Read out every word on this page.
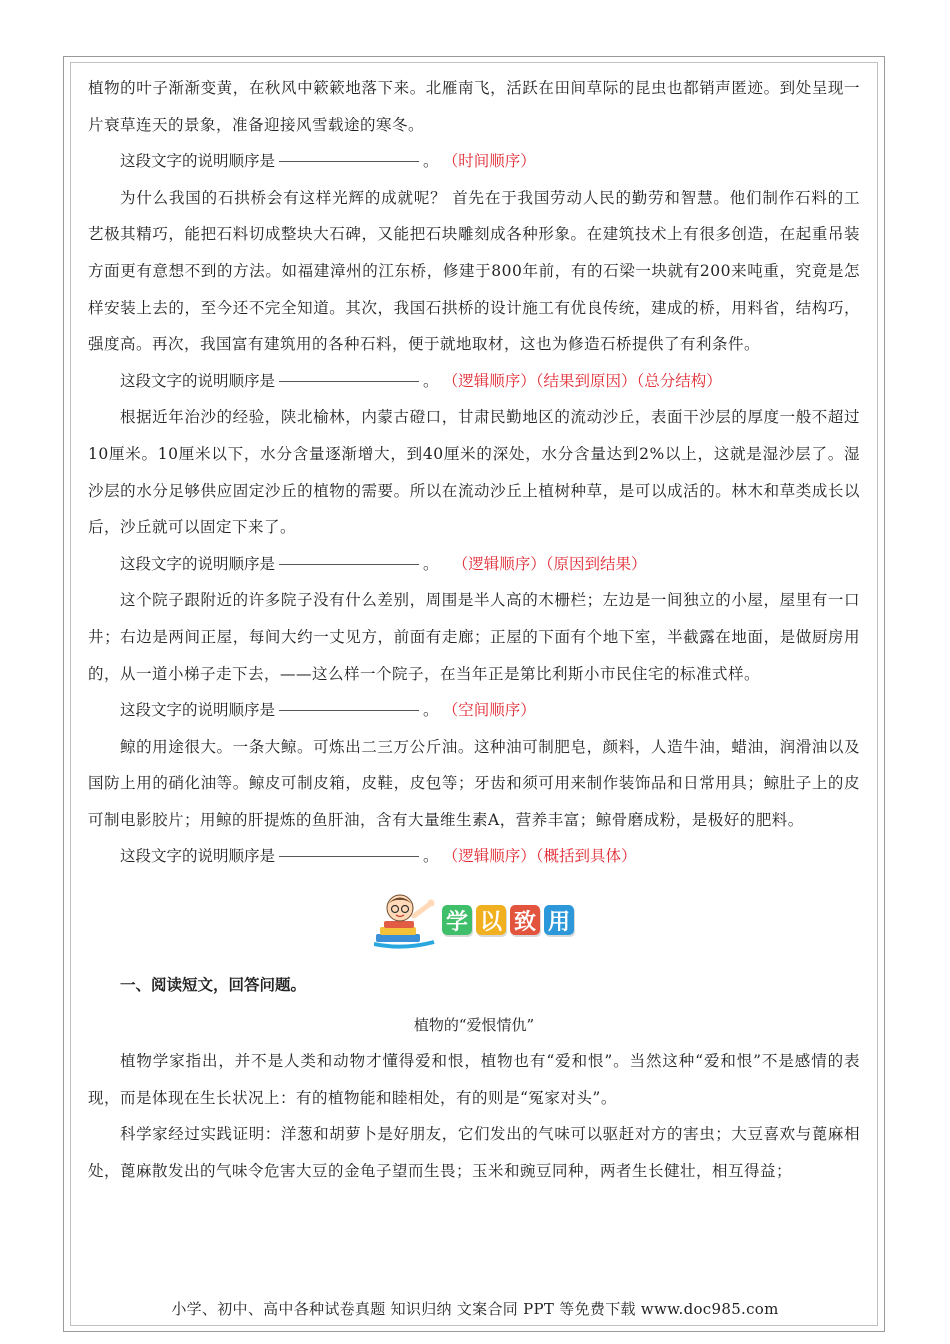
植物的叶子渐渐变黄，在秋风中簌簌地落下来。北雁南飞，活跃在田间草际的昆虫也都销声匿迹。到处呈现一片衰草连天的景象，准备迎接风雪载途的寒冬。

这段文字的说明顺序是	。 （时间顺序）

为什么我国的石拱桥会有这样光辉的成就呢？ 首先在于我国劳动人民的勤劳和智慧。他们制作石料的工艺极其精巧，能把石料切成整块大石碑，又能把石块雕刻成各种形象。在建筑技术上有很多创造，在起重吊装方面更有意想不到的方法。如福建漳州的江东桥，修建于800年前，有的石梁一块就有200来吨重，究竟是怎样安装上去的，至今还不完全知道。其次，我国石拱桥的设计施工有优良传统，建成的桥，用料省，结构巧，强度高。再次，我国富有建筑用的各种石料，便于就地取材，这也为修造石桥提供了有利条件。

这段文字的说明顺序是	。 （逻辑顺序）（结果到原因）（总分结构）

根据近年治沙的经验，陕北榆林，内蒙古磴口，甘肃民勤地区的流动沙丘，表面干沙层的厚度一般不超过10厘米。10厘米以下，水分含量逐渐增大，到40厘米的深处，水分含量达到2%以上，这就是湿沙层了。湿沙层的水分足够供应固定沙丘的植物的需要。所以在流动沙丘上植树种草，是可以成活的。林木和草类成长以后，沙丘就可以固定下来了。

这段文字的说明顺序是	。 （逻辑顺序）（原因到结果）

这个院子跟附近的许多院子没有什么差别，周围是半人高的木栅栏；左边是一间独立的小屋，屋里有一口井；右边是两间正屋，每间大约一丈见方，前面有走廊；正屋的下面有个地下室，半截露在地面，是做厨房用的，从一道小梯子走下去，——这么样一个院子，在当年正是第比利斯小市民住宅的标准式样。

这段文字的说明顺序是	。 （空间顺序）

鲸的用途很大。一条大鲸。可炼出二三万公斤油。这种油可制肥皂，颜料，人造牛油，蜡油，润滑油以及国防上用的硝化油等。鲸皮可制皮箱，皮鞋，皮包等；牙齿和须可用来制作装饰品和日常用具；鲸肚子上的皮可制电影胶片；用鲸的肝提炼的鱼肝油，含有大量维生素A，营养丰富；鲸骨磨成粉，是极好的肥料。

这段文字的说明顺序是	。 （逻辑顺序）（概括到具体）

学 以 致 用
一、阅读短文，回答问题。
植物的“爱恨情仇”

植物学家指出，并不是人类和动物才懂得爱和恨，植物也有“爱和恨”。当然这种“爱和恨”不是感情的表现，而是体现在生长状况上：有的植物能和睦相处，有的则是“冤家对头”。

科学家经过实践证明：洋葱和胡萝卜是好朋友，它们发出的气味可以驱赶对方的害虫；大豆喜欢与蓖麻相处，蓖麻散发出的气味令危害大豆的金龟子望而生畏；玉米和豌豆同种，两者生长健壮，相互得益；

小学、初中、高中各种试卷真题 知识归纳 文案合同 PPT 等免费下载 www.doc985.com
